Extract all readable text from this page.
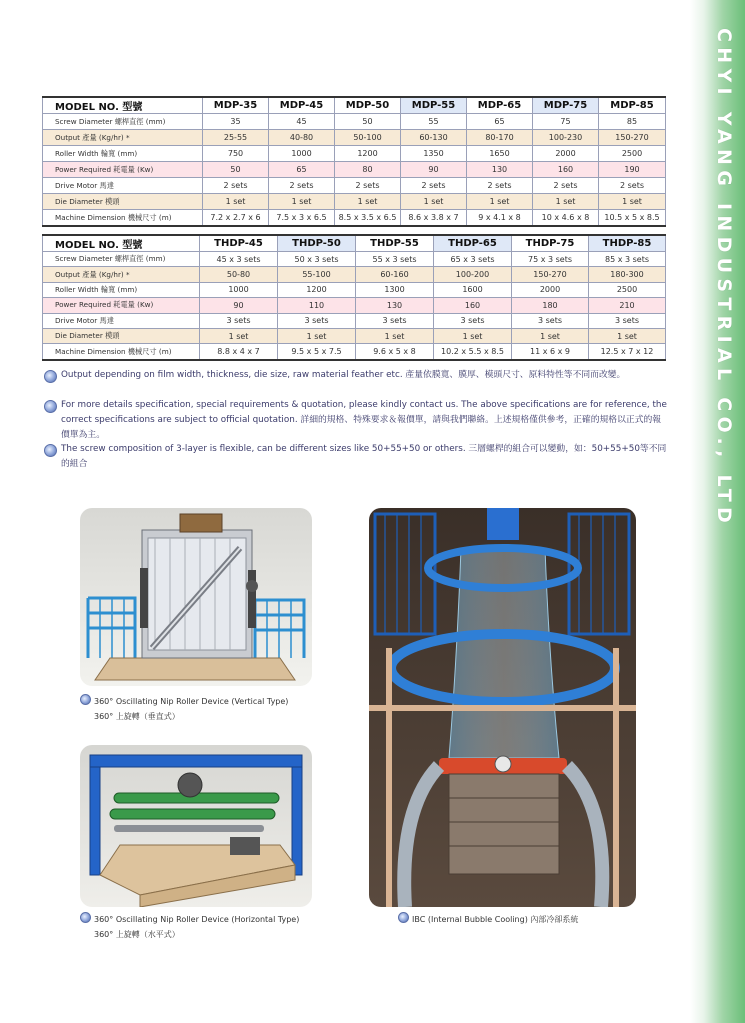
CHYI YANG INDUSTRIAL CO., LTD
MODEL NO. 型號	MDP-35	MDP-45	MDP-50	MDP-55	MDP-65	MDP-75	MDP-85
Screw Diameter 螺桿直徑 (mm)	35	45	50	55	65	75	85
Output 產量 (Kg/hr) *	25-55	40-80	50-100	60-130	80-170	100-230	150-270
Roller Width 輪寬 (mm)	750	1000	1200	1350	1650	2000	2500
Power Required 耗電量 (Kw)	50	65	80	90	130	160	190
Drive Motor 馬達	2 sets	2 sets	2 sets	2 sets	2 sets	2 sets	2 sets
Die Diameter 模頭	1 set	1 set	1 set	1 set	1 set	1 set	1 set
Machine Dimension 機械尺寸 (m)	7.2 x 2.7 x 6	7.5 x 3 x 6.5	8.5 x 3.5 x 6.5	8.6 x 3.8 x 7	9 x 4.1 x 8	10 x 4.6 x 8	10.5 x 5 x 8.5
MODEL NO. 型號	THDP-45	THDP-50	THDP-55	THDP-65	THDP-75	THDP-85
Screw Diameter 螺桿直徑 (mm)	45 x 3 sets	50 x 3 sets	55 x 3 sets	65 x 3 sets	75 x 3 sets	85 x 3 sets
Output 產量 (Kg/hr) *	50-80	55-100	60-160	100-200	150-270	180-300
Roller Width 輪寬 (mm)	1000	1200	1300	1600	2000	2500
Power Required 耗電量 (Kw)	90	110	130	160	180	210
Drive Motor 馬達	3 sets	3 sets	3 sets	3 sets	3 sets	3 sets
Die Diameter 模頭	1 set	1 set	1 set	1 set	1 set	1 set
Machine Dimension 機械尺寸 (m)	8.8 x 4 x 7	9.5 x 5 x 7.5	9.6 x 5 x 8	10.2 x 5.5 x 8.5	11 x 6 x 9	12.5 x 7 x 12
Output depending on film width, thickness, die size, raw material feather etc. 產量依膜寬、膜厚、模頭尺寸、原料特性等不同而改變。
For more details specification, special requirements & quotation, please kindly contact us. The above specifications are for reference, the correct specifications are subject to official quotation. 詳細的規格、特殊要求＆報價單，請與我們聯絡。上述規格僅供參考，正確的規格以正式的報價單為主。
The screw composition of 3-layer is flexible, can be different sizes like 50+55+50 or others. 三層螺桿的組合可以變動，如：50+55+50等不同的組合
360° Oscillating Nip Roller Device (Vertical Type)
360° 上旋轉（垂直式）
360° Oscillating Nip Roller Device (Horizontal Type)
360° 上旋轉（水平式）
IBC (Internal Bubble Cooling) 內部冷卻系統
